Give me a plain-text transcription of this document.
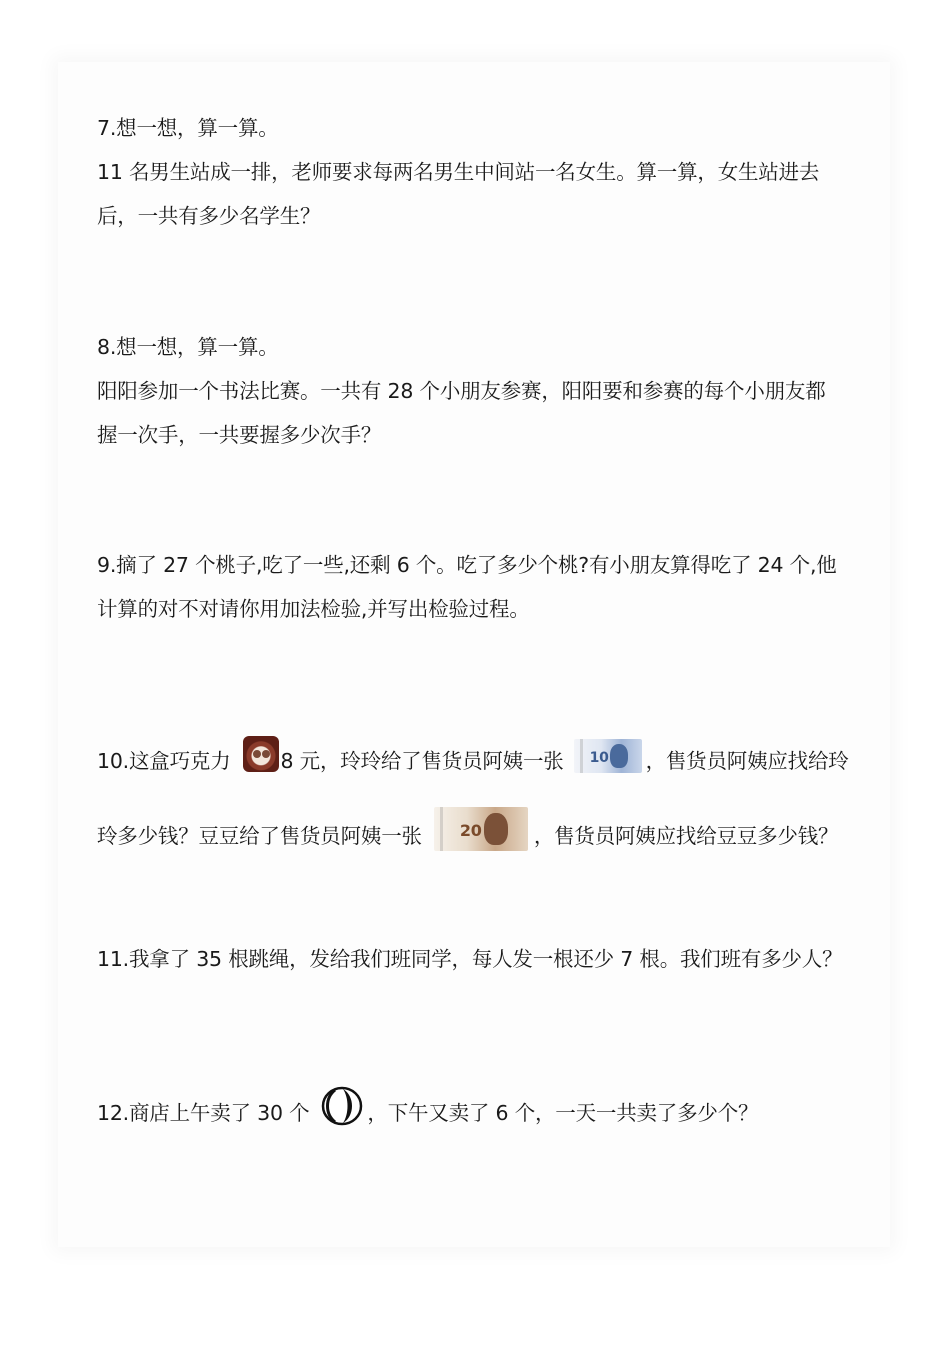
7.想一想，算一算。
11 名男生站成一排，老师要求每两名男生中间站一名女生。算一算，女生站进去
后，一共有多少名学生？
8.想一想，算一算。
阳阳参加一个书法比赛。一共有 28 个小朋友参赛，阳阳要和参赛的每个小朋友都
握一次手，一共要握多少次手？
9.摘了 27 个桃子,吃了一些,还剩 6 个。吃了多少个桃?有小朋友算得吃了 24 个,他
计算的对不对请你用加法检验,并写出检验过程。
10.这盒巧克力 8 元，玲玲给了售货员阿姨一张 10 ，售货员阿姨应找给玲
玲多少钱？豆豆给了售货员阿姨一张 20	，售货员阿姨应找给豆豆多少钱？
11.我拿了 35 根跳绳，发给我们班同学，每人发一根还少 7 根。我们班有多少人？
12.商店上午卖了 30 个	，下午又卖了 6 个，一天一共卖了多少个？
